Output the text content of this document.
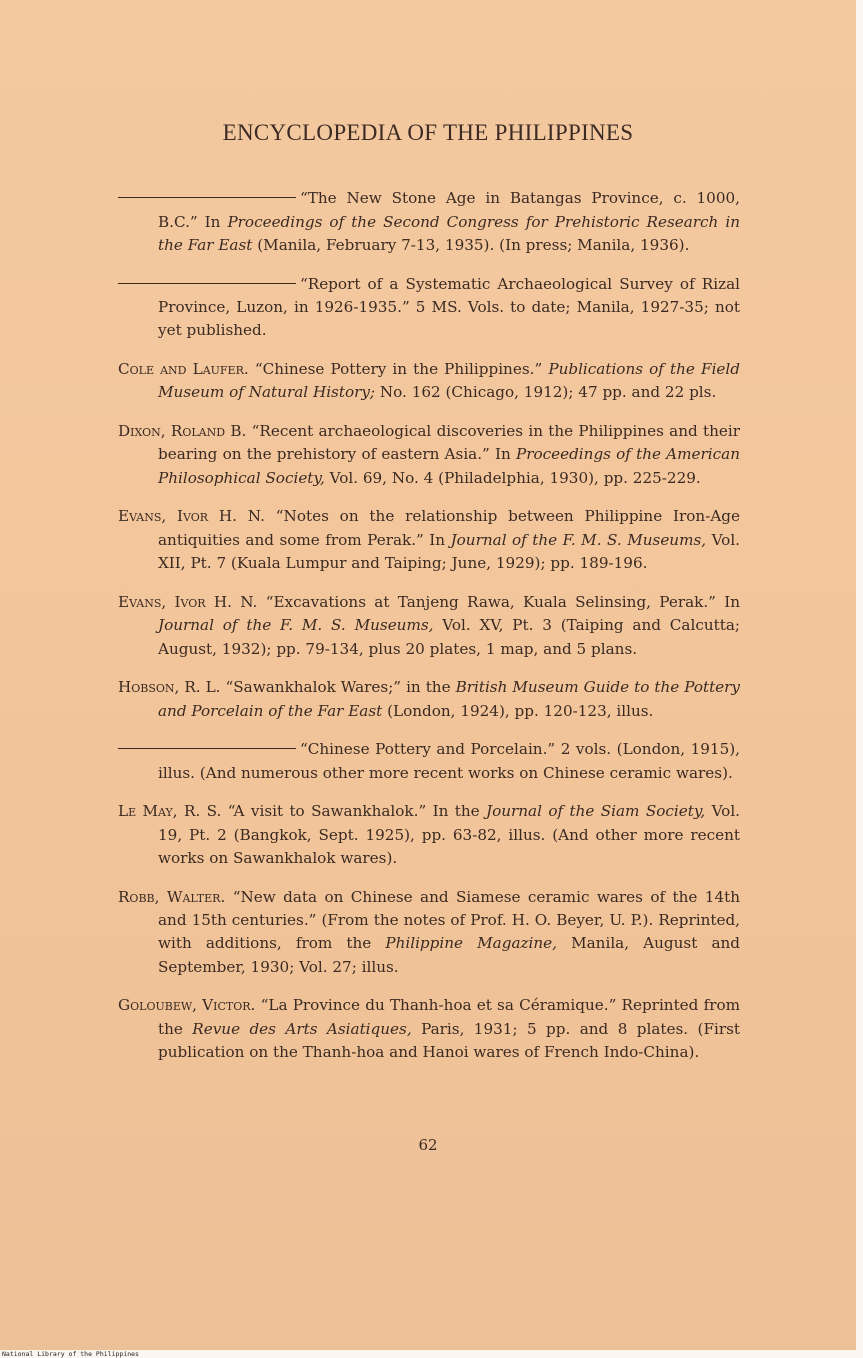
ENCYCLOPEDIA OF THE PHILIPPINES

“The New Stone Age in Batangas Province, c. 1000, B.C.” In Proceedings of the Second Congress for Prehistoric Research in the Far East (Manila, February 7-13, 1935). (In press; Manila, 1936).

“Report of a Systematic Archaeological Survey of Rizal Province, Luzon, in 1926-1935.” 5 MS. Vols. to date; Manila, 1927-35; not yet published.

Cole and Laufer. “Chinese Pottery in the Philippines.” Publications of the Field Museum of Natural History; No. 162 (Chicago, 1912); 47 pp. and 22 pls.

Dixon, Roland B. “Recent archaeological discoveries in the Philippines and their bearing on the prehistory of eastern Asia.” In Proceedings of the American Philosophical Society, Vol. 69, No. 4 (Philadelphia, 1930), pp. 225-229.

Evans, Ivor H. N. “Notes on the relationship between Philippine Iron-Age antiquities and some from Perak.” In Journal of the F. M. S. Museums, Vol. XII, Pt. 7 (Kuala Lumpur and Taiping; June, 1929); pp. 189-196.

Evans, Ivor H. N. “Excavations at Tanjeng Rawa, Kuala Selinsing, Perak.” In Journal of the F. M. S. Museums, Vol. XV, Pt. 3 (Taiping and Calcutta; August, 1932); pp. 79-134, plus 20 plates, 1 map, and 5 plans.

Hobson, R. L. “Sawankhalok Wares;” in the British Museum Guide to the Pottery and Porcelain of the Far East (London, 1924), pp. 120-123, illus.

“Chinese Pottery and Porcelain.” 2 vols. (London, 1915), illus. (And numerous other more recent works on Chinese ceramic wares).

Le May, R. S. “A visit to Sawankhalok.” In the Journal of the Siam Society, Vol. 19, Pt. 2 (Bangkok, Sept. 1925), pp. 63-82, illus. (And other more recent works on Sawankhalok wares).

Robb, Walter. “New data on Chinese and Siamese ceramic wares of the 14th and 15th centuries.” (From the notes of Prof. H. O. Beyer, U. P.). Reprinted, with additions, from the Philippine Magazine, Manila, August and September, 1930; Vol. 27; illus.

Goloubew, Victor. “La Province du Thanh-hoa et sa Céramique.” Reprinted from the Revue des Arts Asiatiques, Paris, 1931; 5 pp. and 8 plates. (First publication on the Thanh-hoa and Hanoi wares of French Indo-China).

62
National Library of the Philippines
